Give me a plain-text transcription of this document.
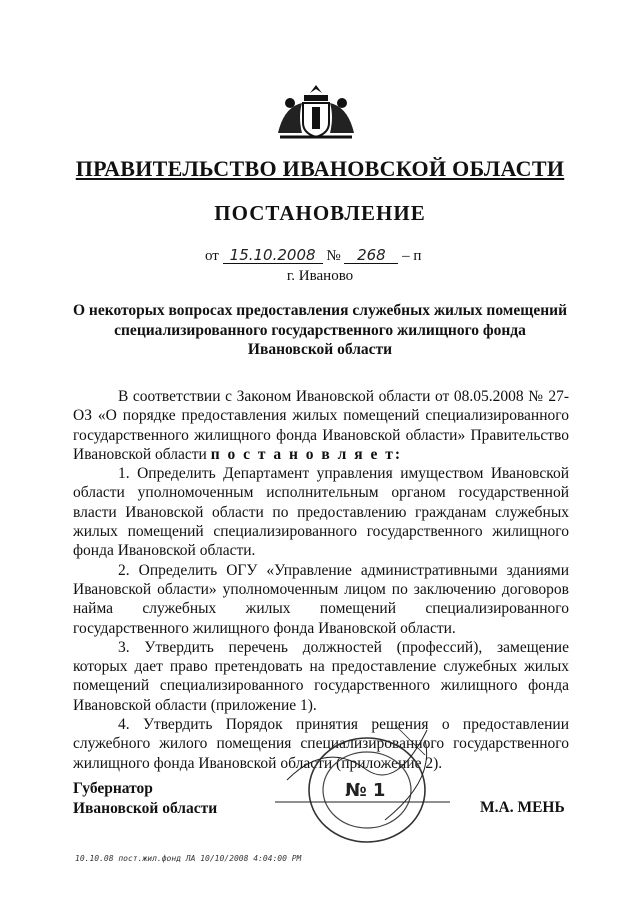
ПРАВИТЕЛЬСТВО ИВАНОВСКОЙ ОБЛАСТИ
ПОСТАНОВЛЕНИЕ
от 15.10.2008 № 268 – п
г. Иваново
О некоторых вопросах предоставления служебных жилых помещений
специализированного государственного жилищного фонда
Ивановской области

В соответствии с Законом Ивановской области от 08.05.2008 № 27-ОЗ «О порядке предоставления жилых помещений специализированного государственного жилищного фонда Ивановской области» Правительство Ивановской области п о с т а н о в л я е т:

1. Определить Департамент управления имуществом Ивановской области уполномоченным исполнительным органом государственной власти Ивановской области по предоставлению гражданам служебных жилых помещений специализированного государственного жилищного фонда Ивановской области.

2. Определить ОГУ «Управление административными зданиями Ивановской области» уполномоченным лицом по заключению договоров найма служебных жилых помещений специализированного государственного жилищного фонда Ивановской области.

3. Утвердить перечень должностей (профессий), замещение которых дает право претендовать на предоставление служебных жилых помещений специализированного государственного жилищного фонда Ивановской области (приложение 1).

4. Утвердить Порядок принятия решения о предоставлении служебного жилого помещения специализированного государственного жилищного фонда Ивановской области (приложение 2).

№ 1
Губернатор
Ивановской области	М.А. МЕНЬ
10.10.08 пост.жил.фонд ЛА 10/10/2008 4:04:00 PM
